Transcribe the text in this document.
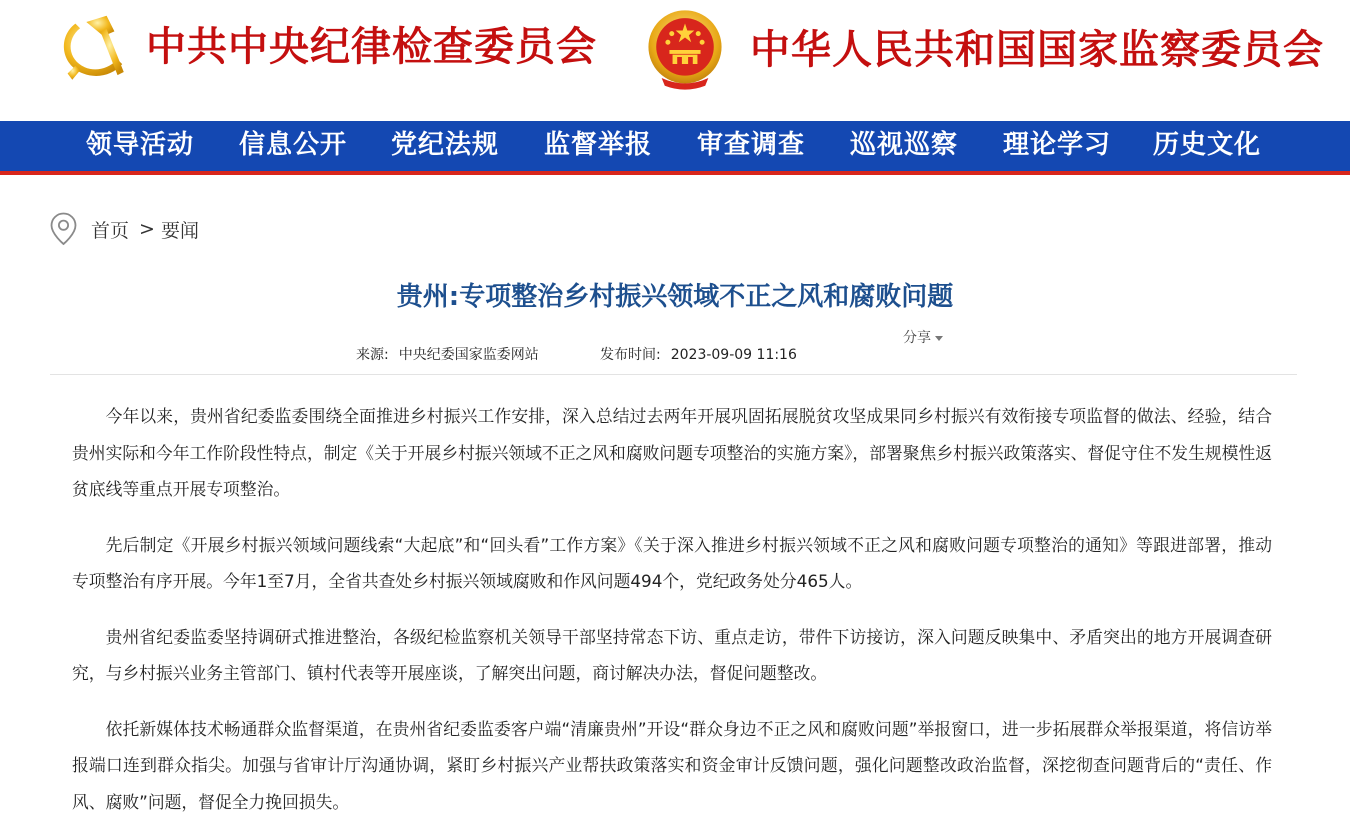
中共中央纪律检查委员会	中华人民共和国国家监察委员会
领导活动 信息公开 党纪法规 监督举报 审查调查 巡视巡察 理论学习 历史文化
首页 > 要闻
贵州:专项整治乡村振兴领域不正之风和腐败问题
分享
来源: 中央纪委国家监委网站	发布时间: 2023-09-09 11:16

今年以来，贵州省纪委监委围绕全面推进乡村振兴工作安排，深入总结过去两年开展巩固拓展脱贫攻坚成果同乡村振兴有效衔接专项监督的做法、经验，结合贵州实际和今年工作阶段性特点，制定《关于开展乡村振兴领域不正之风和腐败问题专项整治的实施方案》，部署聚焦乡村振兴政策落实、督促守住不发生规模性返贫底线等重点开展专项整治。

先后制定《开展乡村振兴领域问题线索“大起底”和“回头看”工作方案》《关于深入推进乡村振兴领域不正之风和腐败问题专项整治的通知》等跟进部署，推动专项整治有序开展。今年1至7月，全省共查处乡村振兴领域腐败和作风问题494个，党纪政务处分465人。

贵州省纪委监委坚持调研式推进整治，各级纪检监察机关领导干部坚持常态下访、重点走访，带件下访接访，深入问题反映集中、矛盾突出的地方开展调查研究，与乡村振兴业务主管部门、镇村代表等开展座谈，了解突出问题，商讨解决办法，督促问题整改。

依托新媒体技术畅通群众监督渠道，在贵州省纪委监委客户端“清廉贵州”开设“群众身边不正之风和腐败问题”举报窗口，进一步拓展群众举报渠道，将信访举报端口连到群众指尖。加强与省审计厅沟通协调，紧盯乡村振兴产业帮扶政策落实和资金审计反馈问题，强化问题整改政治监督，深挖彻查问题背后的“责任、作风、腐败”问题，督促全力挽回损失。
